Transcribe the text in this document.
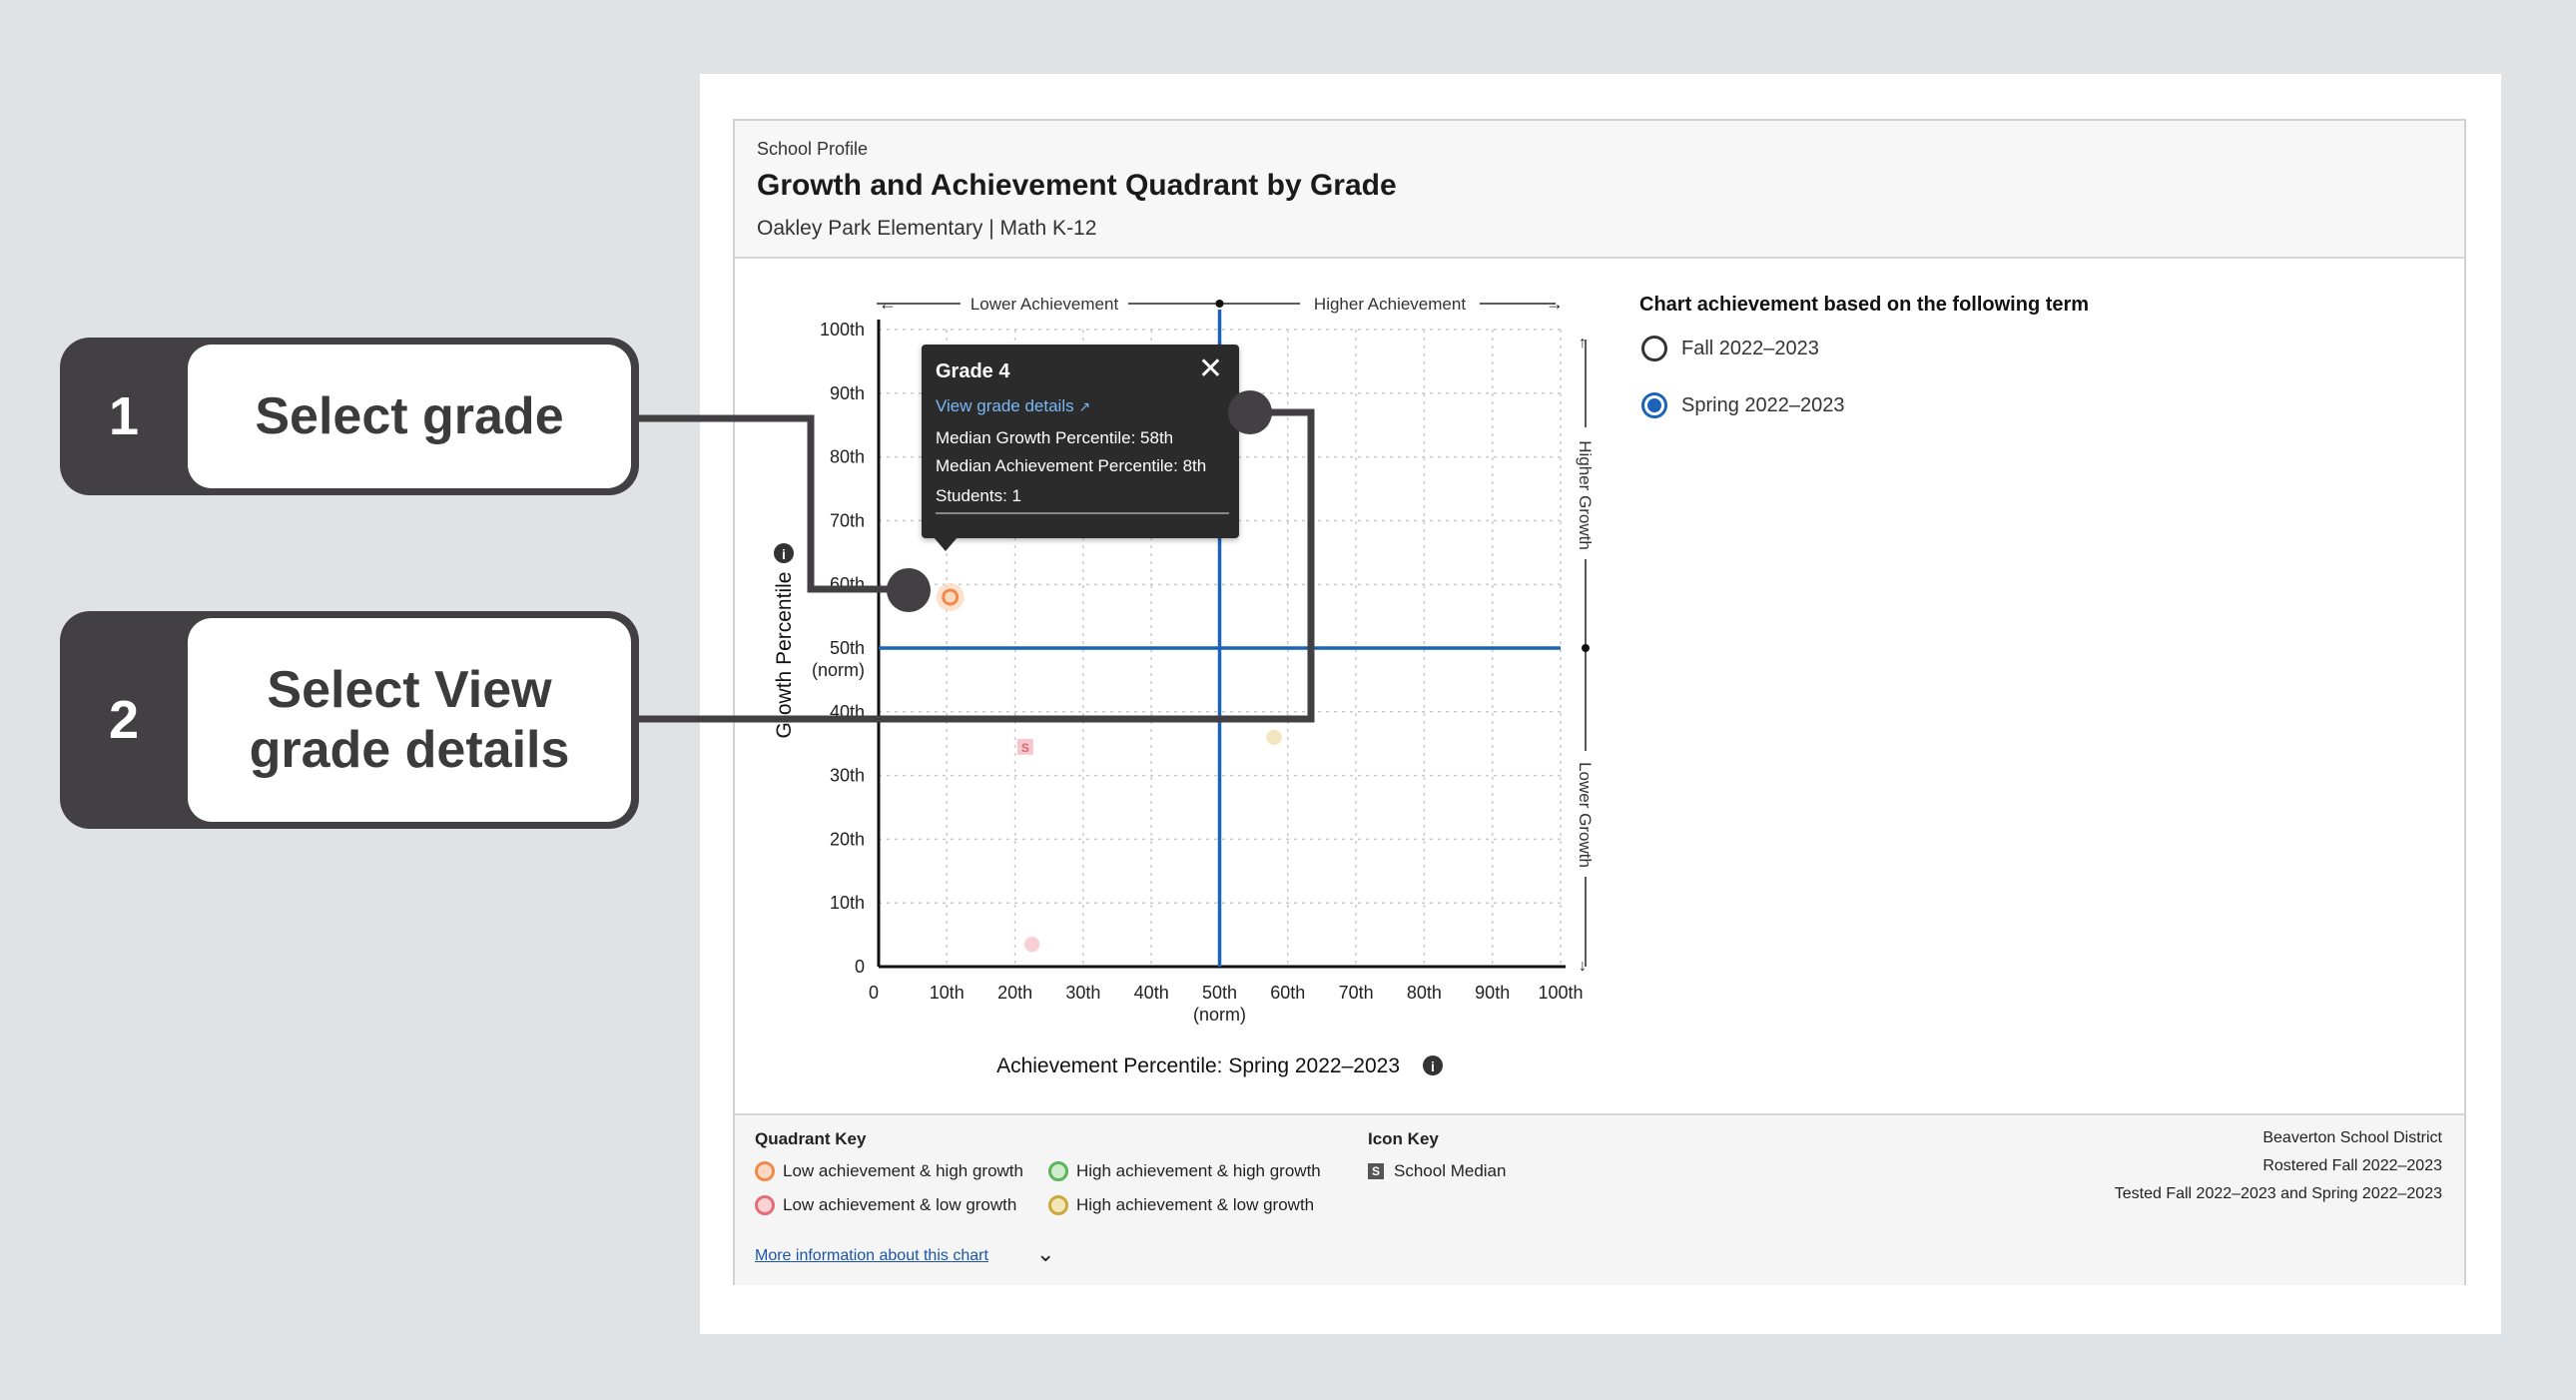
School Profile
Growth and Achievement Quadrant by Grade
Oakley Park Elementary | Math K-12
0
10th
20th
30th
40th
50th
(norm)
60th
70th
80th
90th
100th
0	10th 20th 30th 40th 50th
(norm)
60th 70th 80th 90th 100th
Achievement Percentile: Spring 2022–2023 i
Growth Percentile
i
←	Lower Achievement	Higher Achievement	→
↑
Higher Growth
Lower Growth
↓
S
Chart achievement based on the following term
Fall 2022–2023
Spring 2022–2023
Grade 4	✕
View grade details ↗
Median Growth Percentile: 58th
Median Achievement Percentile: 8th
Students: 1
Quadrant Key
Low achievement & high growth	High achievement & high growth
Low achievement & low growth	High achievement & low growth
Icon Key
S School Median
Beaverton School District
Rostered Fall 2022–2023
Tested Fall 2022–2023 and Spring 2022–2023
More information about this chart ⌄
1	Select grade
2	Select View grade details
